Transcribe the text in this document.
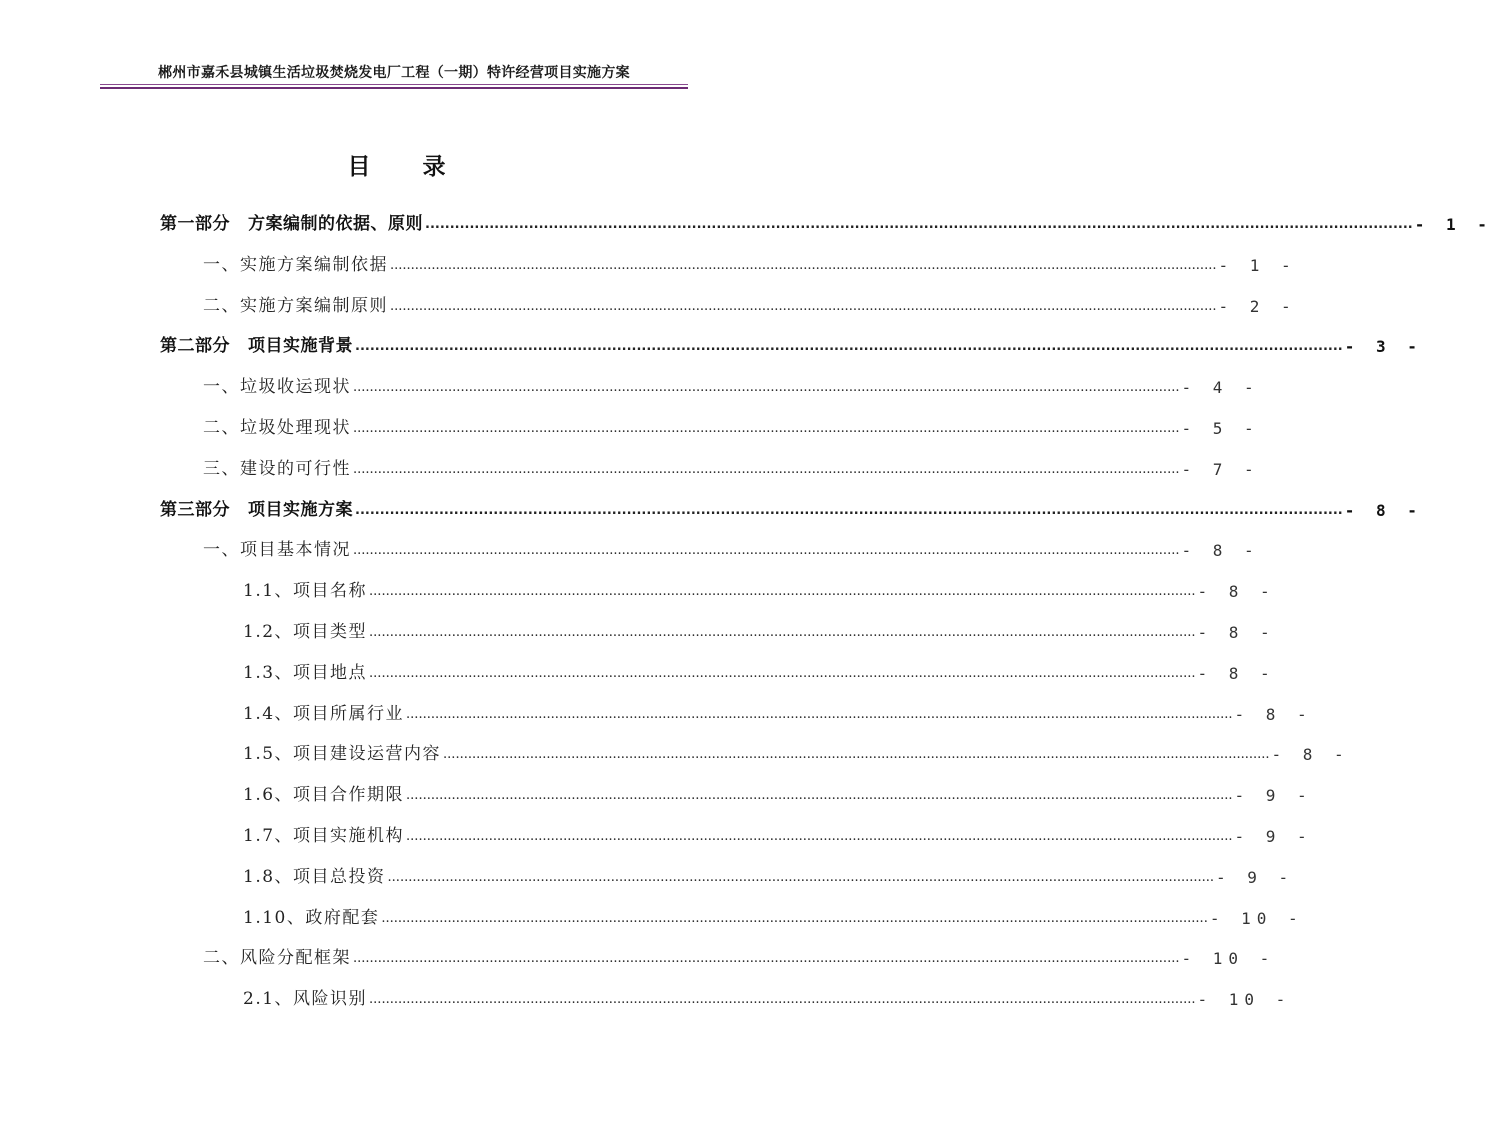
郴州市嘉禾县城镇生活垃圾焚烧发电厂工程（一期）特许经营项目实施方案
目 录
第一部分 方案编制的依据、原则 ........................................................................................................................................................................................................ - 1 -
一、实施方案编制依据 ........................................................................................................................................................................................................ - 1 -
二、实施方案编制原则 ........................................................................................................................................................................................................ - 2 -
第二部分 项目实施背景 ........................................................................................................................................................................................................ - 3 -
一、垃圾收运现状 ........................................................................................................................................................................................................ - 4 -
二、垃圾处理现状 ........................................................................................................................................................................................................ - 5 -
三、建设的可行性 ........................................................................................................................................................................................................ - 7 -
第三部分 项目实施方案 ........................................................................................................................................................................................................ - 8 -
一、项目基本情况 ........................................................................................................................................................................................................ - 8 -
1.1、项目名称 ........................................................................................................................................................................................................ - 8 -
1.2、项目类型 ........................................................................................................................................................................................................ - 8 -
1.3、项目地点 ........................................................................................................................................................................................................ - 8 -
1.4、项目所属行业 ........................................................................................................................................................................................................ - 8 -
1.5、项目建设运营内容 ........................................................................................................................................................................................................ - 8 -
1.6、项目合作期限 ........................................................................................................................................................................................................ - 9 -
1.7、项目实施机构 ........................................................................................................................................................................................................ - 9 -
1.8、项目总投资 ........................................................................................................................................................................................................ - 9 -
1.10、政府配套 ........................................................................................................................................................................................................ - 10 -
二、风险分配框架 ........................................................................................................................................................................................................ - 10 -
2.1、风险识别 ........................................................................................................................................................................................................ - 10 -
